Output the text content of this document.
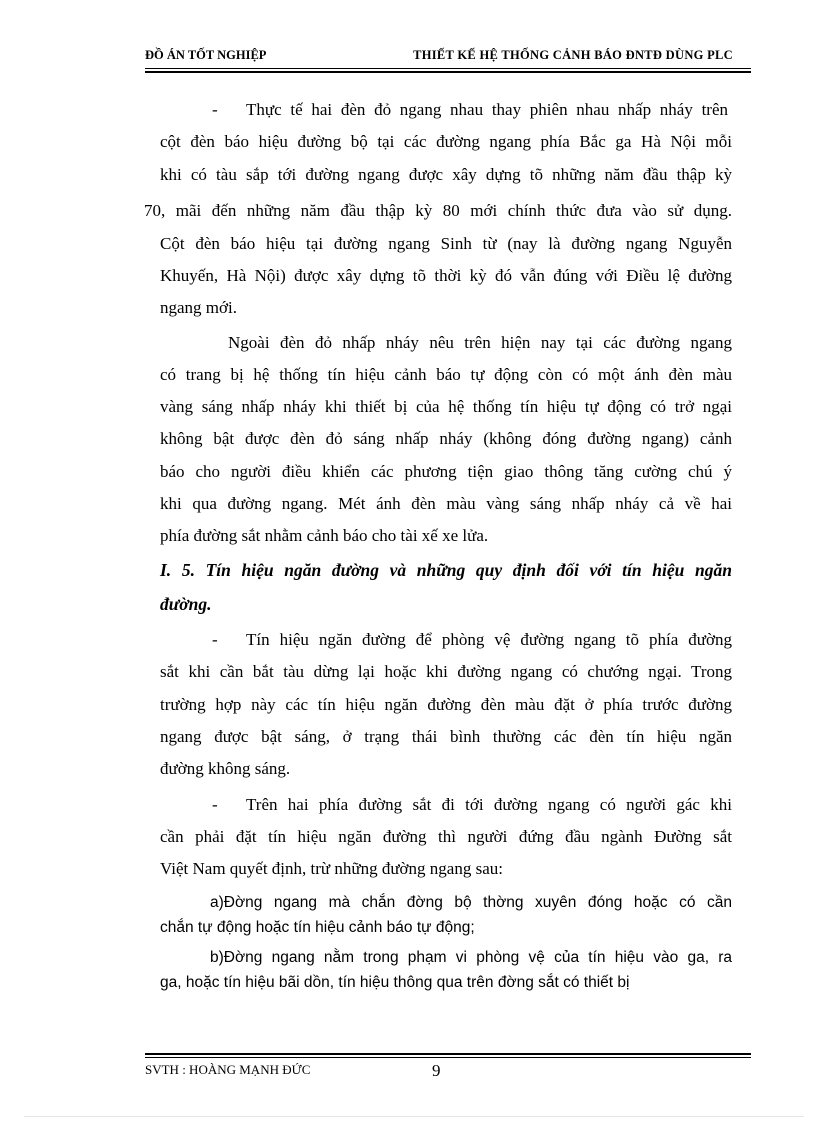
ĐỒ ÁN TỐT NGHIỆP	THIẾT KẾ HỆ THỐNG CẢNH BÁO ĐNTĐ DÙNG PLC
- Thực tế hai đèn đỏ ngang nhau thay phiên nhau nhấp nháy trên
cột đèn báo hiệu đường bộ tại các đường ngang phía Bắc ga Hà Nội mỗi
khi có tàu sắp tới đường ngang được xây dựng tõ những năm đầu thập kỳ
70, mãi đến những năm đầu thập kỳ 80 mới chính thức đưa vào sử dụng.
Cột đèn báo hiệu tại đường ngang Sinh từ (nay là đường ngang Nguyễn
Khuyến, Hà Nội) được xây dựng tõ thời kỳ đó vẫn đúng với Điều lệ đường
ngang mới.
Ngoài đèn đỏ nhấp nháy nêu trên hiện nay tại các đường ngang
có trang bị hệ thống tín hiệu cảnh báo tự động còn có một ánh đèn màu
vàng sáng nhấp nháy khi thiết bị của hệ thống tín hiệu tự động có trở ngại
không bật được đèn đỏ sáng nhấp nháy (không đóng đường ngang) cảnh
báo cho người điều khiển các phương tiện giao thông tăng cường chú ý
khi qua đường ngang. Mét ánh đèn màu vàng sáng nhấp nháy cả về hai
phía đường sắt nhằm cảnh báo cho tài xế xe lửa.
I. 5. Tín hiệu ngăn đường và những quy định đối với tín hiệu ngăn
đường.
- Tín hiệu ngăn đường để phòng vệ đường ngang tõ phía đường
sắt khi cần bắt tàu dừng lại hoặc khi đường ngang có chướng ngại. Trong
trường hợp này các tín hiệu ngăn đường đèn màu đặt ở phía trước đường
ngang được bật sáng, ở trạng thái bình thường các đèn tín hiệu ngăn
đường không sáng.
- Trên hai phía đường sắt đi tới đường ngang có người gác khi
cần phải đặt tín hiệu ngăn đường thì người đứng đầu ngành Đường sắt
Việt Nam quyết định, trừ những đường ngang sau:
a)Đờng ngang mà chắn đờng bộ thờng xuyên đóng hoặc có cần
chắn tự động hoặc tín hiệu cảnh báo tự động;
b)Đờng ngang nằm trong phạm vi phòng vệ của tín hiệu vào ga, ra
ga, hoặc tín hiệu bãi dồn, tín hiệu thông qua trên đờng sắt có thiết bị
SVTH : HOÀNG MẠNH ĐỨC	9
